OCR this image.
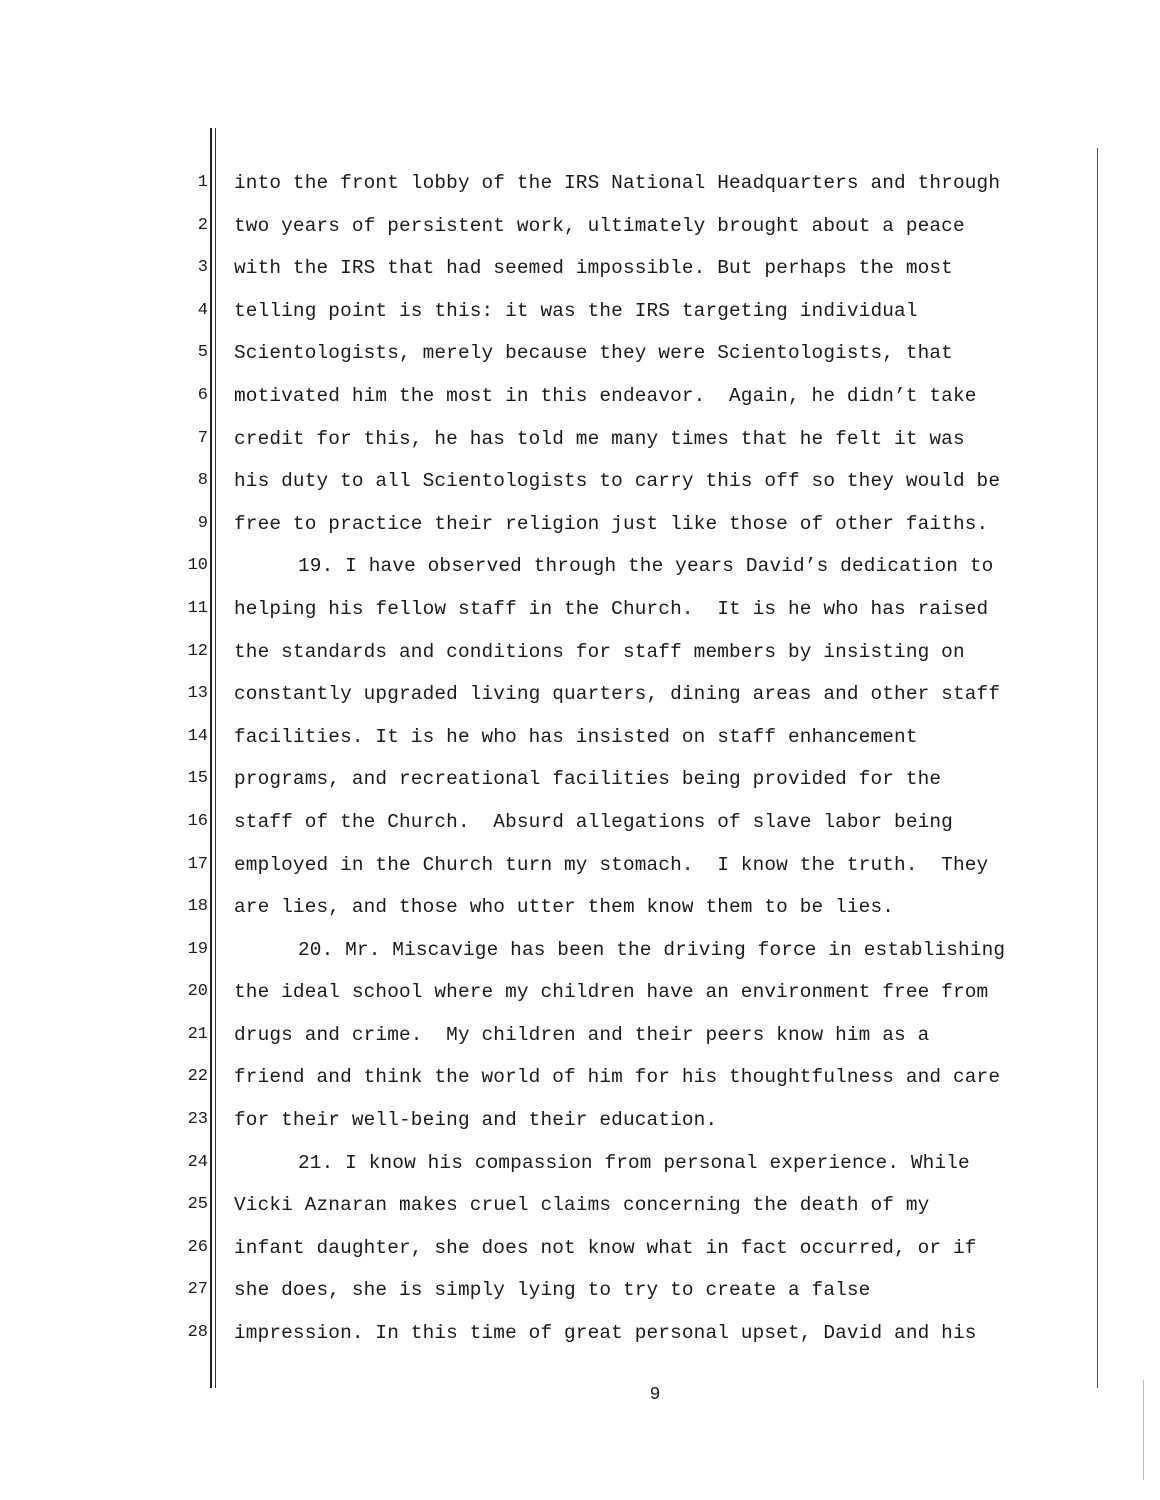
1
2
3
4
5
6
7
8
9
10
11
12
13
14
15
16
17
18
19
20
21
22
23
24
25
26
27
28
into the front lobby of the IRS National Headquarters and through
two years of persistent work, ultimately brought about a peace
with the IRS that had seemed impossible. But perhaps the most
telling point is this: it was the IRS targeting individual
Scientologists, merely because they were Scientologists, that
motivated him the most in this endeavor.  Again, he didn’t take
credit for this, he has told me many times that he felt it was
his duty to all Scientologists to carry this off so they would be
free to practice their religion just like those of other faiths.
19. I have observed through the years David’s dedication to
helping his fellow staff in the Church.  It is he who has raised
the standards and conditions for staff members by insisting on
constantly upgraded living quarters, dining areas and other staff
facilities. It is he who has insisted on staff enhancement
programs, and recreational facilities being provided for the
staff of the Church.  Absurd allegations of slave labor being
employed in the Church turn my stomach.  I know the truth.  They
are lies, and those who utter them know them to be lies.
20. Mr. Miscavige has been the driving force in establishing
the ideal school where my children have an environment free from
drugs and crime.  My children and their peers know him as a
friend and think the world of him for his thoughtfulness and care
for their well-being and their education.
21. I know his compassion from personal experience. While
Vicki Aznaran makes cruel claims concerning the death of my
infant daughter, she does not know what in fact occurred, or if
she does, she is simply lying to try to create a false
impression. In this time of great personal upset, David and his
9
